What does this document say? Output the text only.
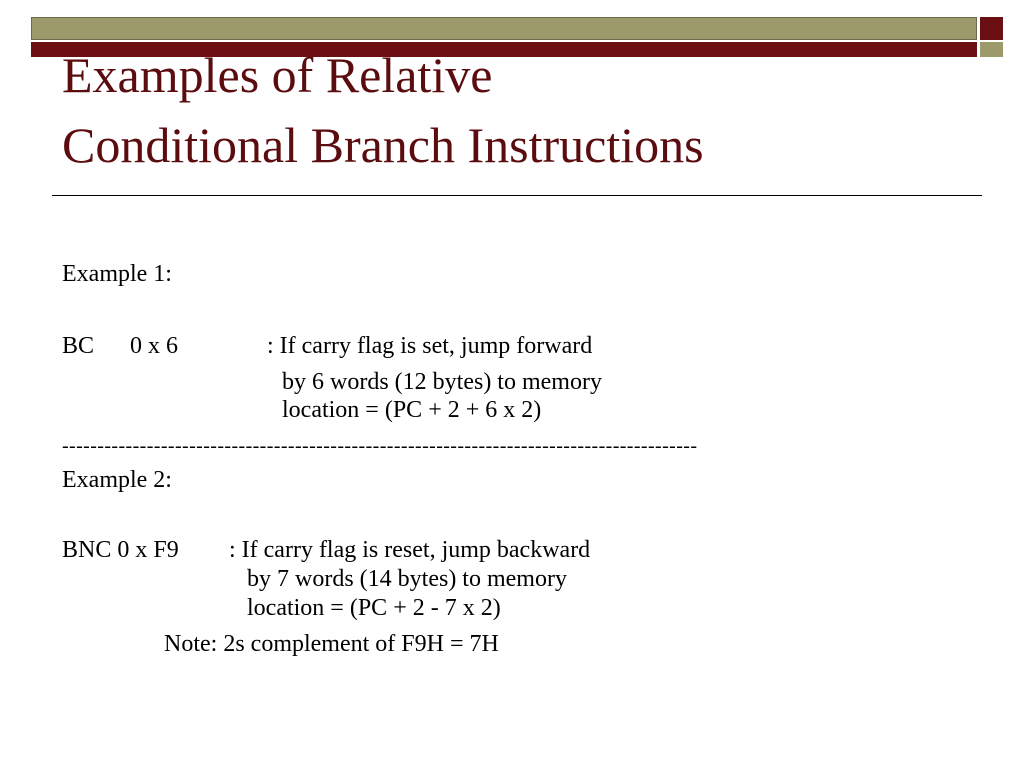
Examples of Relative
Conditional Branch Instructions

Example 1:

BC 0 x 6	: If carry flag is set, jump forward

by 6 words (12 bytes) to memory

location = (PC + 2 + 6 x 2)

------------------------------------------------------------------------------------------

Example 2:

BNC 0 x F9 : If carry flag is reset, jump backward

by 7 words (14 bytes) to memory

location = (PC + 2 - 7 x 2)

Note: 2s complement of F9H = 7H
